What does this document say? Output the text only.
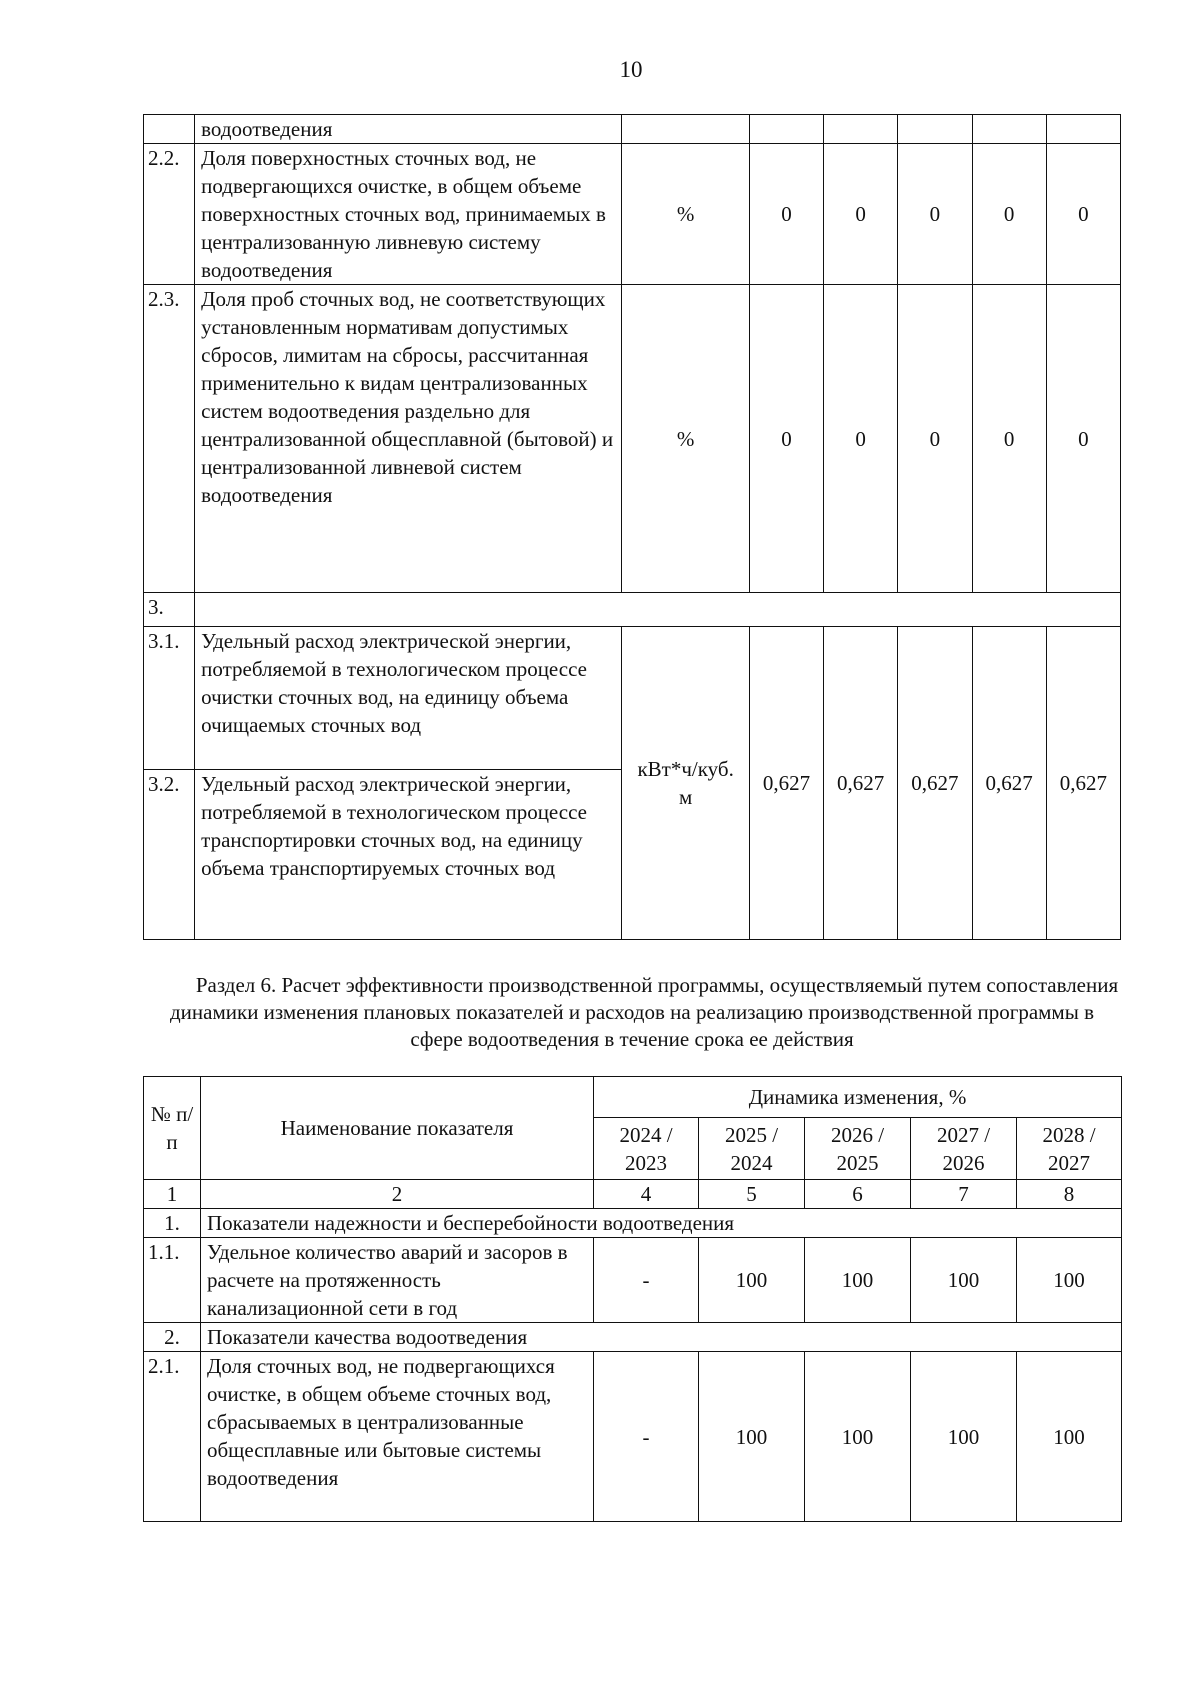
10
	водоотведения						
2.2.	Доля поверхностных сточных вод, не подвергающихся очистке, в общем объеме поверхностных сточных вод, принимаемых в централизованную ливневую систему водоотведения	%	0	0	0	0	0
2.3.	Доля проб сточных вод, не соответствующих установленным нормативам допустимых сбросов, лимитам на сбросы, рассчитанная применительно к видам централизованных систем водоотведения раздельно для централизованной общесплавной (бытовой) и централизованной ливневой систем водоотведения	%	0	0	0	0	0
3.							
3.1.	Удельный расход электрической энергии, потребляемой в технологическом процессе очистки сточных вод, на единицу объема очищаемых сточных вод	кВт*ч/куб. м	0,627	0,627	0,627	0,627	0,627
3.2.	Удельный расход электрической энергии, потребляемой в технологическом процессе транспортировки сточных вод, на единицу объема транспортируемых сточных вод						
Раздел 6. Расчет эффективности производственной программы, осуществляемый путем сопоставления динамики изменения плановых показателей и расходов на реализацию производственной программы в сфере водоотведения в течение срока ее действия
№ п/п	Наименование показателя	Динамика изменения, %				
		2024 / 2023	2025 / 2024	2026 / 2025	2027 / 2026	2028 / 2027
1	2	4	5	6	7	8
1.	Показатели надежности и бесперебойности водоотведения					
1.1.	Удельное количество аварий и засоров в расчете на протяженность канализационной сети в год	-	100	100	100	100
2.	Показатели качества водоотведения					
2.1.	Доля сточных вод, не подвергающихся очистке, в общем объеме сточных вод, сбрасываемых в централизованные общесплавные или бытовые системы водоотведения	-	100	100	100	100
